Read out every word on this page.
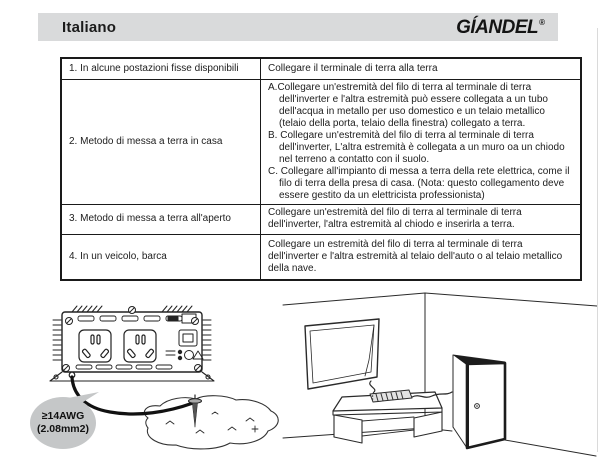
Italiano	GÍANDEL®
1. In alcune postazioni fisse disponibili	Collegare il terminale di terra alla terra

2. Metodo di messa a terra in casa	A.Collegare un'estremità del filo di terra al terminale di terra dell'inverter e l'altra estremità può essere collegata a un tubo dell'acqua in metallo per uso domestico e un telaio metallico (telaio della porta, telaio della finestra) collegato a terra.

B. Collegare un'estremità del filo di terra al terminale di terra dell'inverter, L'altra estremità è collegata a un muro oa un chiodo nel terreno a contatto con il suolo.

C. Collegare all'impianto di messa a terra della rete elettrica, come il filo di terra della presa di casa. (Nota: questo collegamento deve essere gestito da un elettricista professionista)

3. Metodo di messa a terra all'aperto	Collegare un'estremità del filo di terra al terminale di terra dell'inverter, l'altra estremità al chiodo e inserirla a terra.

4. In un veicolo, barca	Collegare un estremità del filo di terra al terminale di terra dell'inverter e l'altra estremità al telaio dell'auto o al telaio metallico della nave.

≥14AWG
(2.08mm2)
